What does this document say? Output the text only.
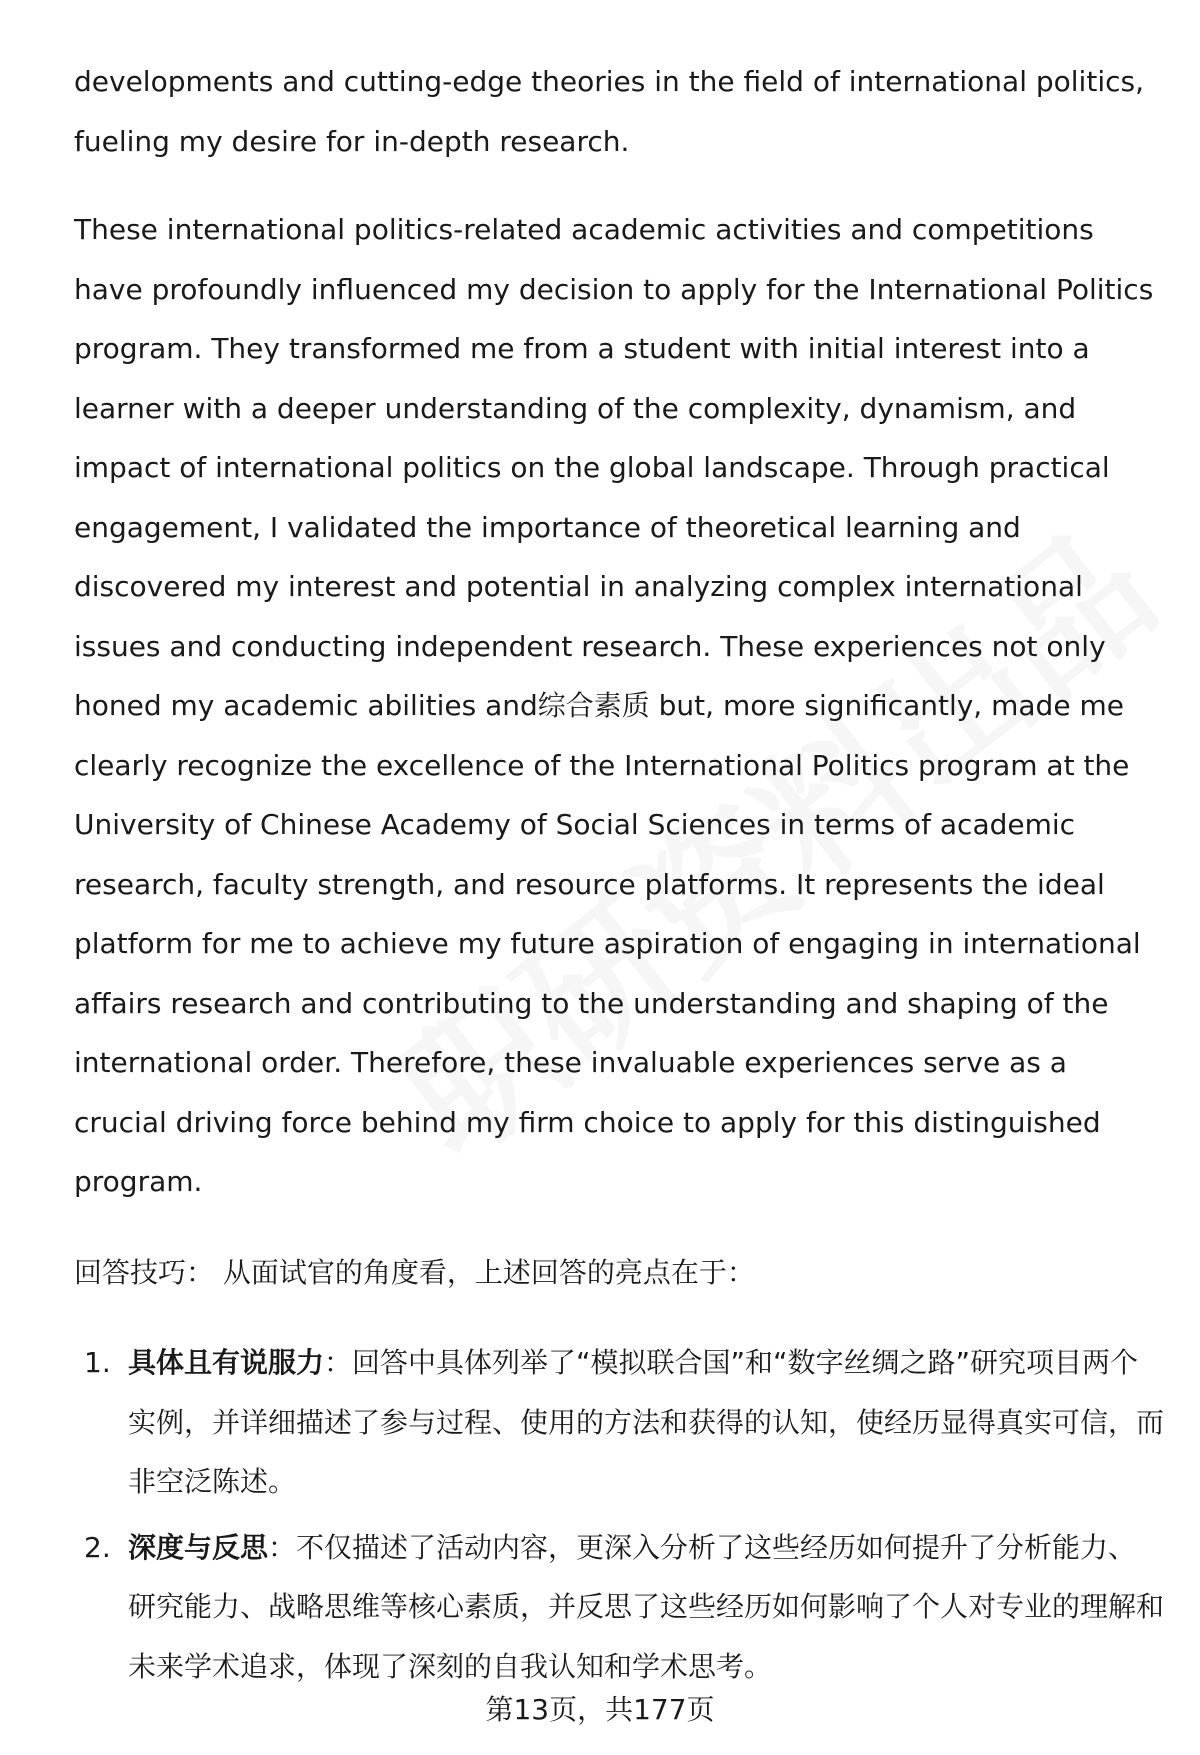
developments and cutting-edge theories in the field of international politics, fueling my desire for in-depth research.

These international politics-related academic activities and competitions have profoundly influenced my decision to apply for the International Politics program. They transformed me from a student with initial interest into a learner with a deeper understanding of the complexity, dynamism, and impact of international politics on the global landscape. Through practical engagement, I validated the importance of theoretical learning and discovered my interest and potential in analyzing complex international issues and conducting independent research. These experiences not only honed my academic abilities and综合素质 but, more significantly, made me clearly recognize the excellence of the International Politics program at the University of Chinese Academy of Social Sciences in terms of academic research, faculty strength, and resource platforms. It represents the ideal platform for me to achieve my future aspiration of engaging in international affairs research and contributing to the understanding and shaping of the international order. Therefore, these invaluable experiences serve as a crucial driving force behind my firm choice to apply for this distinguished program.

回答技巧： 从面试官的角度看，上述回答的亮点在于：

1. 具体且有说服力：回答中具体列举了“模拟联合国”和“数字丝绸之路”研究项目两个实例，并详细描述了参与过程、使用的方法和获得的认知，使经历显得真实可信，而非空泛陈述。
2. 深度与反思：不仅描述了活动内容，更深入分析了这些经历如何提升了分析能力、研究能力、战略思维等核心素质，并反思了这些经历如何影响了个人对专业的理解和未来学术追求，体现了深刻的自我认知和学术思考。
第13页，共177页
